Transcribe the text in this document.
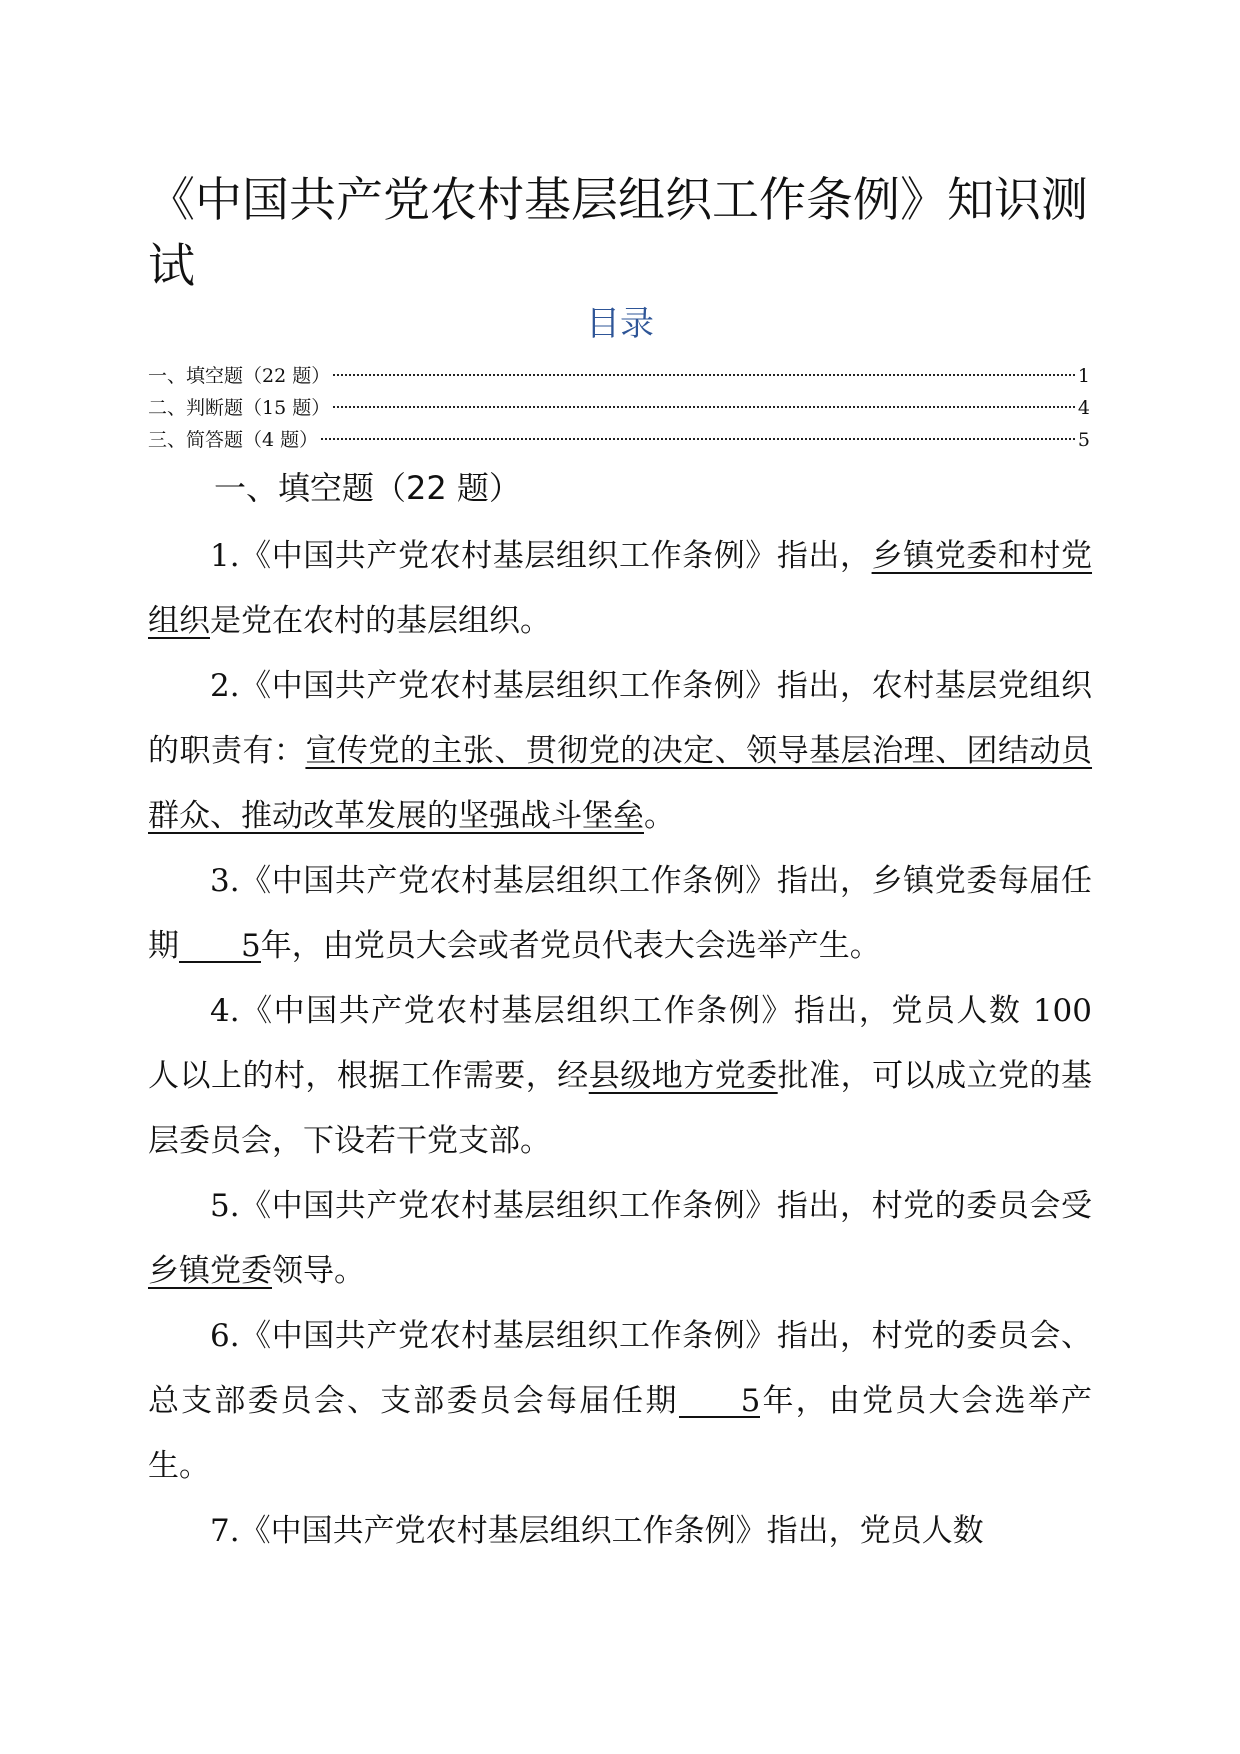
《中国共产党农村基层组织工作条例》知识测试
目录
一、填空题（22 题）	1
二、判断题（15 题）	4
三、简答题（4 题）	5
一、填空题（22 题）

1.《中国共产党农村基层组织工作条例》指出，乡镇党委和村党组织是党在农村的基层组织。

2.《中国共产党农村基层组织工作条例》指出，农村基层党组织的职责有：宣传党的主张、贯彻党的决定、领导基层治理、团结动员群众、推动改革发展的坚强战斗堡垒。

3.《中国共产党农村基层组织工作条例》指出，乡镇党委每届任期 5年，由党员大会或者党员代表大会选举产生。

4.《中国共产党农村基层组织工作条例》指出，党员人数 100 人以上的村，根据工作需要，经县级地方党委批准，可以成立党的基层委员会，下设若干党支部。

5.《中国共产党农村基层组织工作条例》指出，村党的委员会受乡镇党委领导。

6.《中国共产党农村基层组织工作条例》指出，村党的委员会、总支部委员会、支部委员会每届任期 5年，由党员大会选举产生。

7.《中国共产党农村基层组织工作条例》指出，党员人数
